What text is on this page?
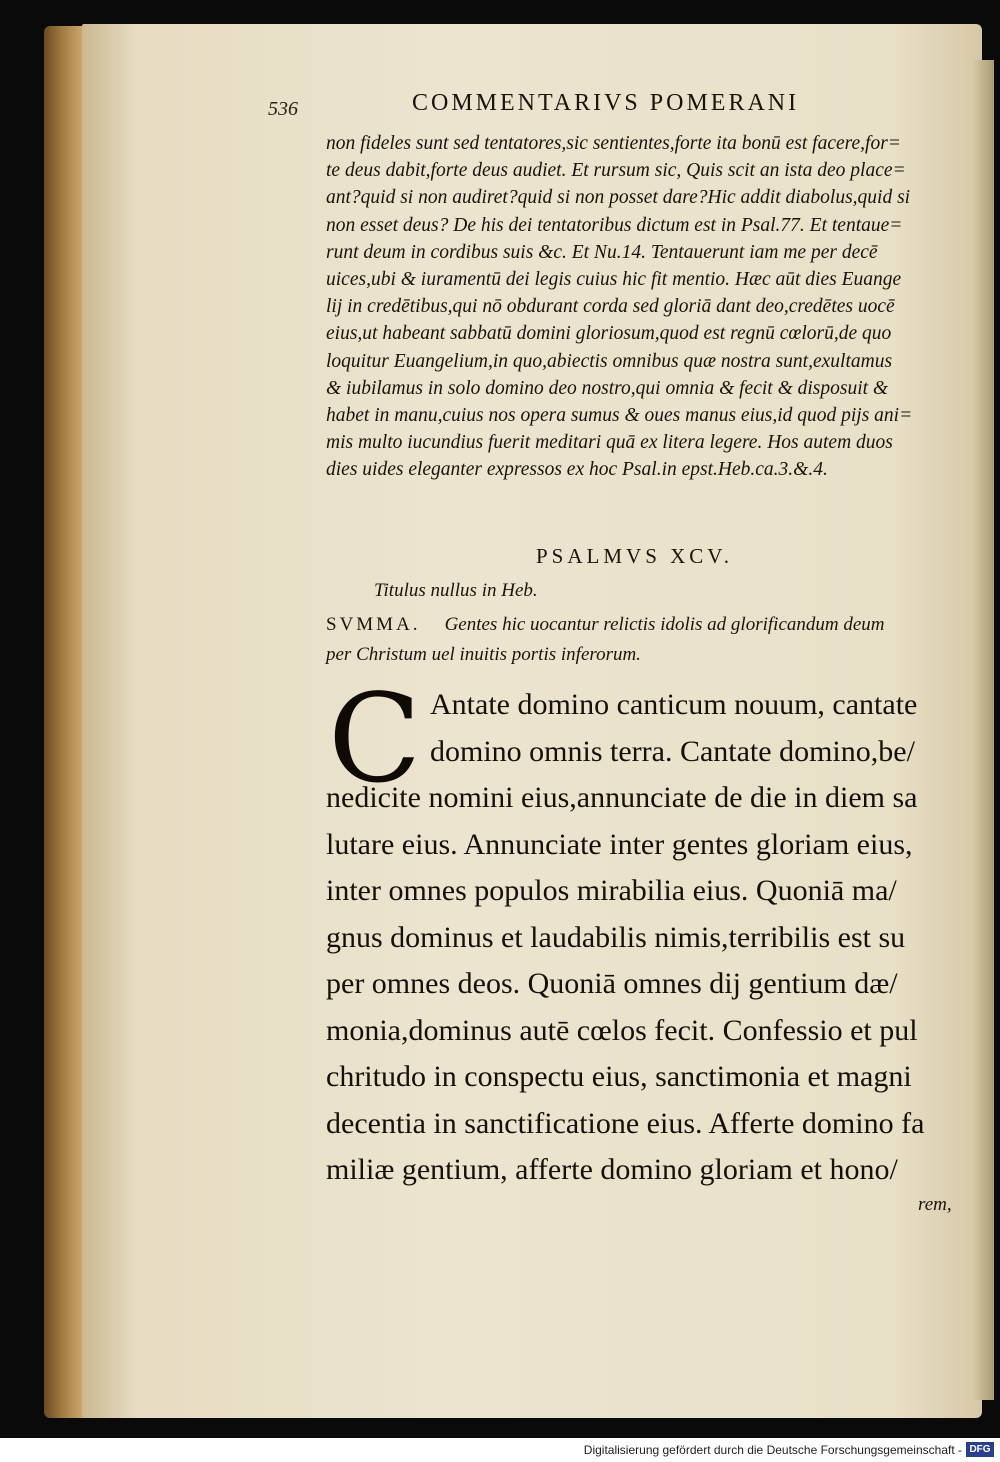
536	COMMENTARIVS POMERANI
non fideles sunt sed tentatores,sic sentientes,forte ita bonū est facere,for=
te deus dabit,forte deus audiet. Et rursum sic, Quis scit an ista deo place=
ant?quid si non audiret?quid si non posset dare?Hic addit diabolus,quid si
non esset deus? De his dei tentatoribus dictum est in Psal.77. Et tentaue=
runt deum in cordibus suis &c. Et Nu.14. Tentauerunt iam me per decē
uices,ubi & iuramentū dei legis cuius hic fit mentio. Hæc aūt dies Euange
lij in credētibus,qui nō obdurant corda sed gloriā dant deo,credētes uocē
eius,ut habeant sabbatū domini gloriosum,quod est regnū cœlorū,de quo
loquitur Euangelium,in quo,abiectis omnibus quæ nostra sunt,exultamus
& iubilamus in solo domino deo nostro,qui omnia & fecit & disposuit &
habet in manu,cuius nos opera sumus & oues manus eius,id quod pijs ani=
mis multo iucundius fuerit meditari quā ex litera legere. Hos autem duos
dies uides eleganter expressos ex hoc Psal.in epst.Heb.ca.3.&.4.
PSALMVS XCV.
Titulus nullus in Heb.
SVMMA. Gentes hic uocantur relictis idolis ad glorificandum deum
per Christum uel inuitis portis inferorum.
C Antate domino canticum nouum, cantate
domino omnis terra. Cantate domino,be/
nedicite nomini eius,annunciate de die in diem sa
lutare eius. Annunciate inter gentes gloriam eius,
inter omnes populos mirabilia eius. Quoniā ma/
gnus dominus et laudabilis nimis,terribilis est su
per omnes deos. Quoniā omnes dij gentium dæ/
monia,dominus autē cœlos fecit. Confessio et pul
chritudo in conspectu eius, sanctimonia et magni
decentia in sanctificatione eius. Afferte domino fa
miliæ gentium, afferte domino gloriam et hono/
rem,
Digitalisierung gefördert durch die Deutsche Forschungsgemeinschaft - DFG
